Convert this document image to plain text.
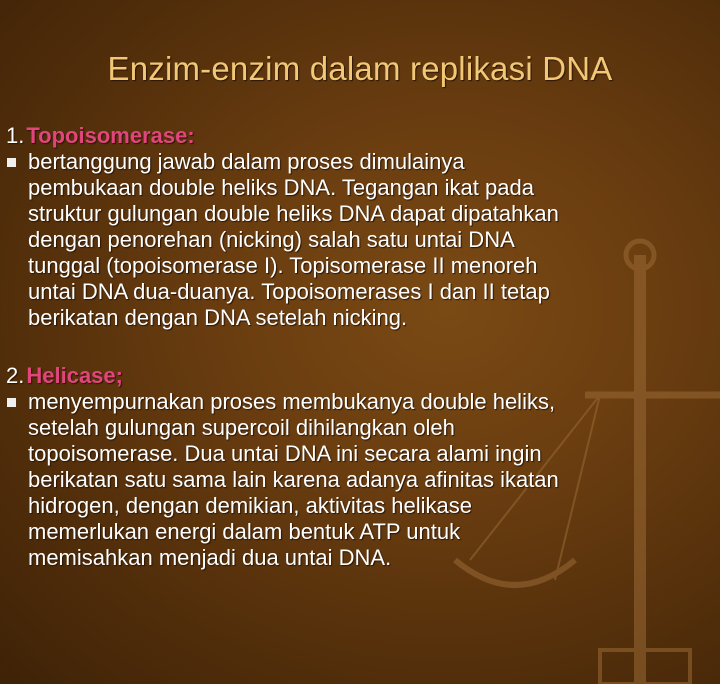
Enzim-enzim dalam replikasi DNA
1. Topoisomerase:
bertanggung jawab dalam proses dimulainya
pembukaan double heliks DNA. Tegangan ikat pada
struktur gulungan double heliks DNA dapat dipatahkan
dengan penorehan (nicking) salah satu untai DNA
tunggal (topoisomerase I). Topisomerase II menoreh
untai DNA dua-duanya. Topoisomerases I dan II tetap
berikatan dengan DNA setelah nicking.
2. Helicase;
menyempurnakan proses membukanya double heliks,
setelah gulungan supercoil dihilangkan oleh
topoisomerase. Dua untai DNA ini secara alami ingin
berikatan satu sama lain karena adanya afinitas ikatan
hidrogen, dengan demikian, aktivitas helikase
memerlukan energi dalam bentuk ATP untuk
memisahkan menjadi dua untai DNA.
